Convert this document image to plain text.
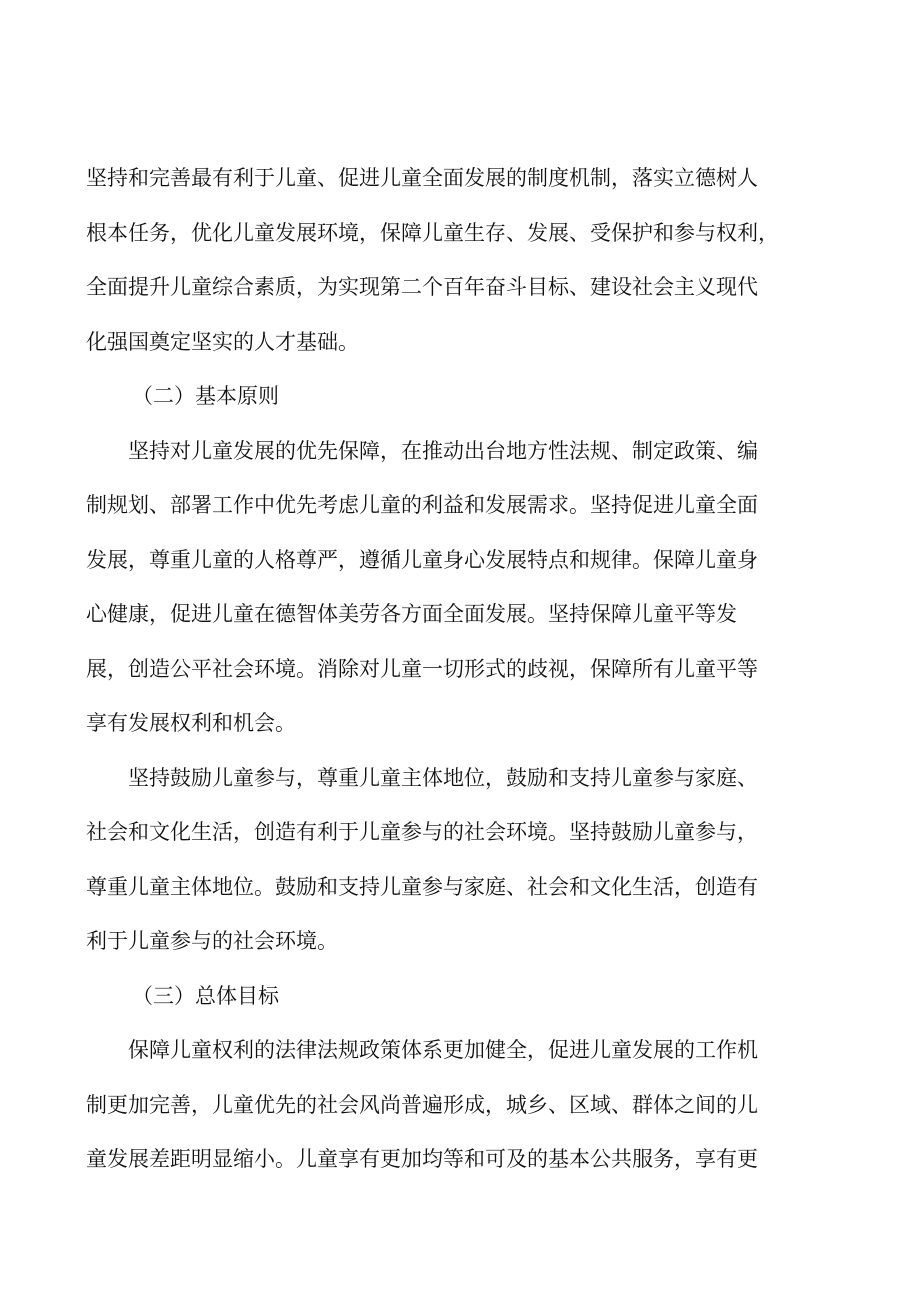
坚持和完善最有利于儿童、促进儿童全面发展的制度机制，落实立德树人
根本任务，优化儿童发展环境，保障儿童生存、发展、受保护和参与权利，
全面提升儿童综合素质，为实现第二个百年奋斗目标、建设社会主义现代
化强国奠定坚实的人才基础。
（二）基本原则
坚持对儿童发展的优先保障，在推动出台地方性法规、制定政策、编
制规划、部署工作中优先考虑儿童的利益和发展需求。坚持促进儿童全面
发展，尊重儿童的人格尊严，遵循儿童身心发展特点和规律。保障儿童身
心健康，促进儿童在德智体美劳各方面全面发展。坚持保障儿童平等发
展，创造公平社会环境。消除对儿童一切形式的歧视，保障所有儿童平等
享有发展权利和机会。
坚持鼓励儿童参与，尊重儿童主体地位，鼓励和支持儿童参与家庭、
社会和文化生活，创造有利于儿童参与的社会环境。坚持鼓励儿童参与，
尊重儿童主体地位。鼓励和支持儿童参与家庭、社会和文化生活，创造有
利于儿童参与的社会环境。
（三）总体目标
保障儿童权利的法律法规政策体系更加健全，促进儿童发展的工作机
制更加完善，儿童优先的社会风尚普遍形成，城乡、区域、群体之间的儿
童发展差距明显缩小。儿童享有更加均等和可及的基本公共服务，享有更
